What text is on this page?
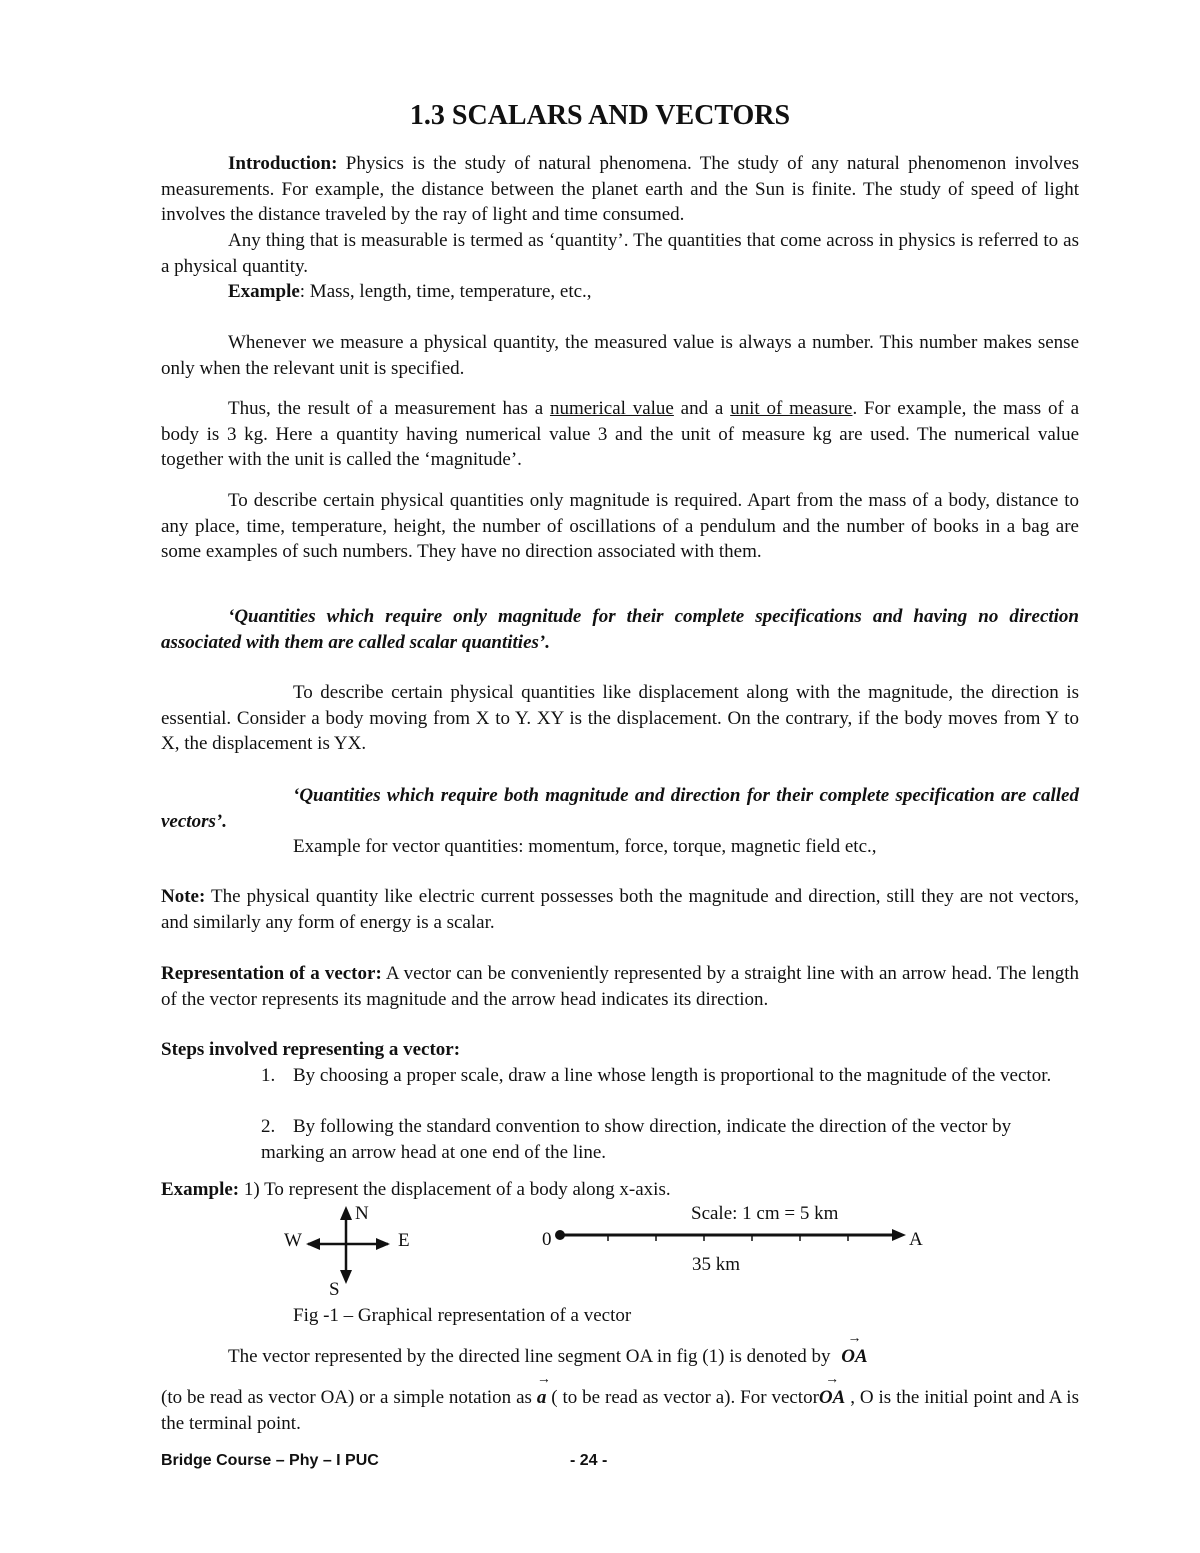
1.3 SCALARS AND VECTORS
Introduction: Physics is the study of natural phenomena. The study of any natural phenomenon involves measurements. For example, the distance between the planet earth and the Sun is finite. The study of speed of light involves the distance traveled by the ray of light and time consumed.
Any thing that is measurable is termed as ‘quantity’. The quantities that come across in physics is referred to as a physical quantity.
Example: Mass, length, time, temperature, etc.,
Whenever we measure a physical quantity, the measured value is always a number. This number makes sense only when the relevant unit is specified.
Thus, the result of a measurement has a numerical value and a unit of measure. For example, the mass of a body is 3 kg. Here a quantity having numerical value 3 and the unit of measure kg are used. The numerical value together with the unit is called the ‘magnitude’.
To describe certain physical quantities only magnitude is required. Apart from the mass of a body, distance to any place, time, temperature, height, the number of oscillations of a pendulum and the number of books in a bag are some examples of such numbers. They have no direction associated with them.
‘Quantities which require only magnitude for their complete specifications and having no direction associated with them are called scalar quantities’.
To describe certain physical quantities like displacement along with the magnitude, the direction is essential. Consider a body moving from X to Y. XY is the displacement. On the contrary, if the body moves from Y to X, the displacement is YX.
‘Quantities which require both magnitude and direction for their complete specification are called vectors’.
Example for vector quantities: momentum, force, torque, magnetic field etc.,
Note: The physical quantity like electric current possesses both the magnitude and direction, still they are not vectors, and similarly any form of energy is a scalar.
Representation of a vector: A vector can be conveniently represented by a straight line with an arrow head. The length of the vector represents its magnitude and the arrow head indicates its direction.
Steps involved representing a vector:
1. By choosing a proper scale, draw a line whose length is proportional to the magnitude of the vector.
2. By following the standard convention to show direction, indicate the direction of the vector by marking an arrow head at one end of the line.
Example: 1) To represent the displacement of a body along x-axis.
N
W	E
S
Scale: 1 cm = 5 km
0	A
35 km
Fig -1 – Graphical representation of a vector
The vector represented by the directed line segment OA in fig (1) is denoted by
→
OA
(to be read as vector OA) or a simple notation as
→
a ( to be read as vector a). For vector
→
OA , O is the initial point and A is the terminal point.
Bridge Course – Phy – I PUC	- 24 -
